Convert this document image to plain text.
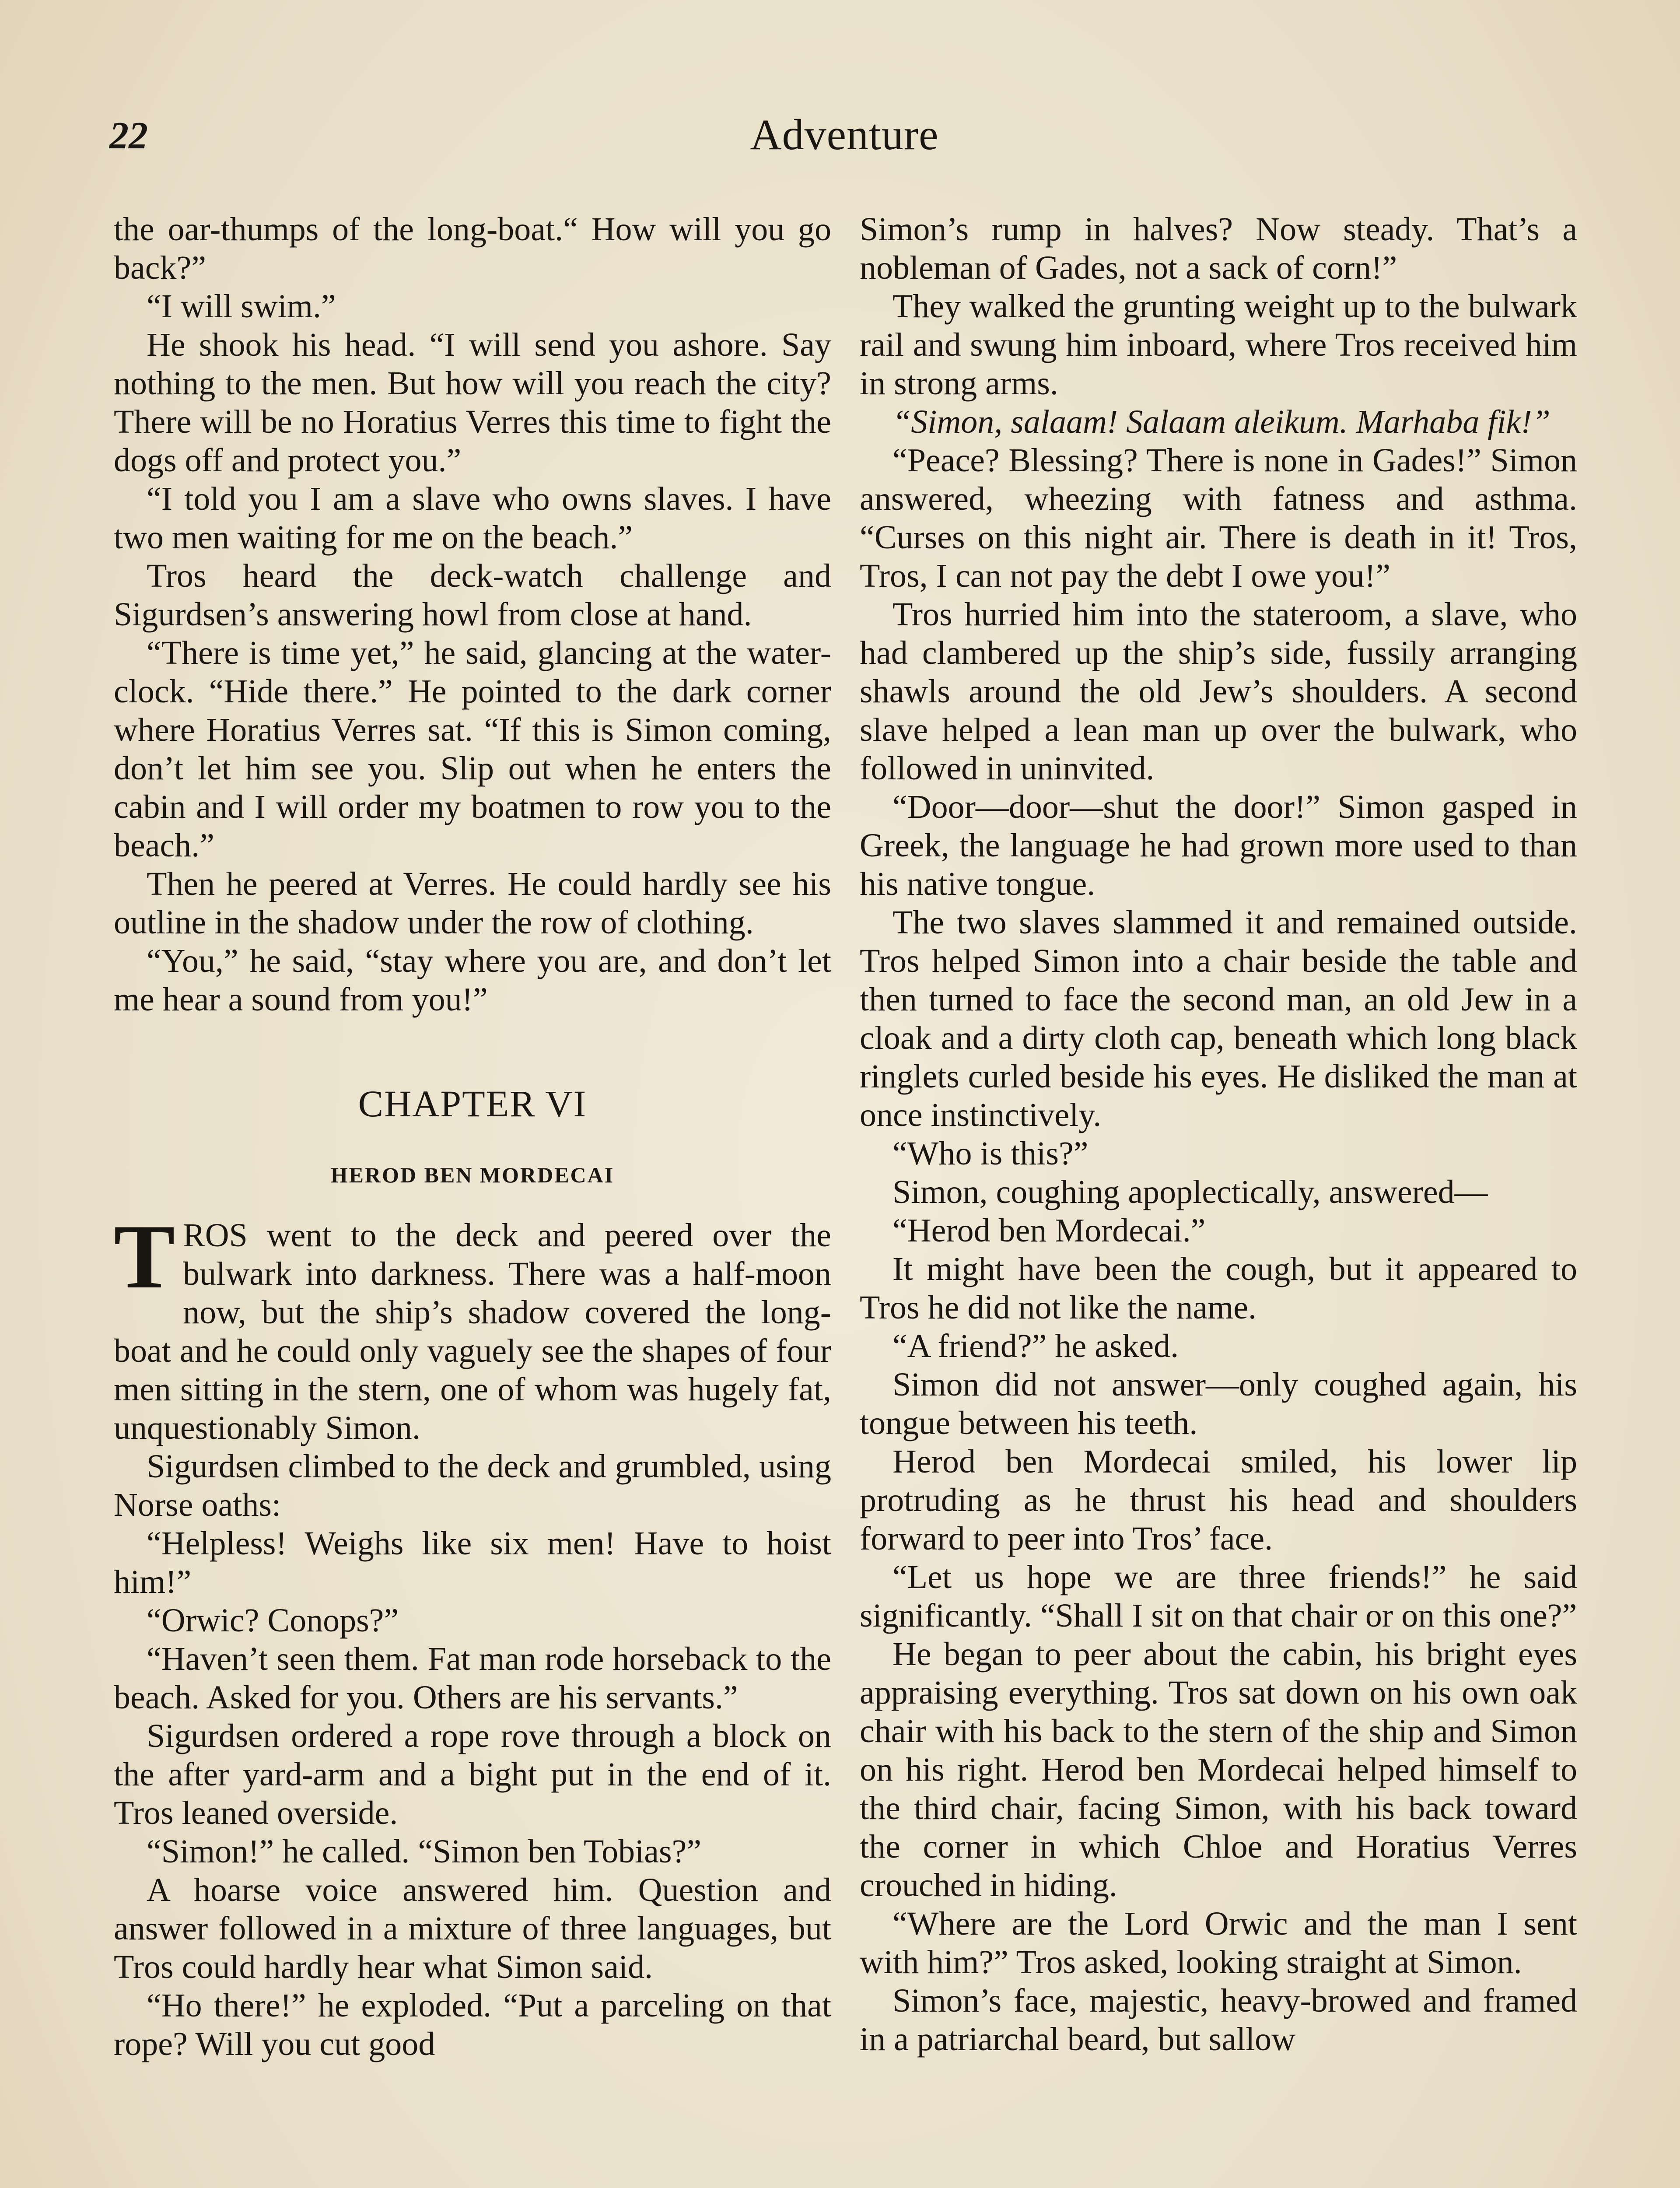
22	Adventure

the oar-thumps of the long-boat.“ How will you go back?”

“I will swim.”

He shook his head. “I will send you ashore. Say nothing to the men. But how will you reach the city? There will be no Horatius Verres this time to fight the dogs off and protect you.”

“I told you I am a slave who owns slaves. I have two men waiting for me on the beach.”

Tros heard the deck-watch challenge and Sigurdsen’s answering howl from close at hand.

“There is time yet,” he said, glancing at the water-clock. “Hide there.” He pointed to the dark corner where Horatius Verres sat. “If this is Simon coming, don’t let him see you. Slip out when he enters the cabin and I will order my boatmen to row you to the beach.”

Then he peered at Verres. He could hardly see his outline in the shadow under the row of clothing.

“You,” he said, “stay where you are, and don’t let me hear a sound from you!”

CHAPTER VI
HEROD BEN MORDECAI

TROS went to the deck and peered over the bulwark into darkness. There was a half-moon now, but the ship’s shadow covered the long-boat and he could only vaguely see the shapes of four men sitting in the stern, one of whom was hugely fat, unquestionably Simon.

Sigurdsen climbed to the deck and grumbled, using Norse oaths:

“Helpless! Weighs like six men! Have to hoist him!”

“Orwic? Conops?”

“Haven’t seen them. Fat man rode horseback to the beach. Asked for you. Others are his servants.”

Sigurdsen ordered a rope rove through a block on the after yard-arm and a bight put in the end of it. Tros leaned overside.

“Simon!” he called. “Simon ben Tobias?”

A hoarse voice answered him. Question and answer followed in a mixture of three languages, but Tros could hardly hear what Simon said.

“Ho there!” he exploded. “Put a parceling on that rope? Will you cut good

Simon’s rump in halves? Now steady. That’s a nobleman of Gades, not a sack of corn!”

They walked the grunting weight up to the bulwark rail and swung him inboard, where Tros received him in strong arms.

“Simon, salaam! Salaam aleikum. Marhaba fik!”

“Peace? Blessing? There is none in Gades!” Simon answered, wheezing with fatness and asthma. “Curses on this night air. There is death in it! Tros, Tros, I can not pay the debt I owe you!”

Tros hurried him into the stateroom, a slave, who had clambered up the ship’s side, fussily arranging shawls around the old Jew’s shoulders. A second slave helped a lean man up over the bulwark, who followed in uninvited.

“Door—door—shut the door!” Simon gasped in Greek, the language he had grown more used to than his native tongue.

The two slaves slammed it and remained outside. Tros helped Simon into a chair beside the table and then turned to face the second man, an old Jew in a cloak and a dirty cloth cap, beneath which long black ringlets curled beside his eyes. He disliked the man at once instinctively.

“Who is this?”

Simon, coughing apoplectically, answered—

“Herod ben Mordecai.”

It might have been the cough, but it appeared to Tros he did not like the name.

“A friend?” he asked.

Simon did not answer—only coughed again, his tongue between his teeth.

Herod ben Mordecai smiled, his lower lip protruding as he thrust his head and shoulders forward to peer into Tros’ face.

“Let us hope we are three friends!” he said significantly. “Shall I sit on that chair or on this one?”

He began to peer about the cabin, his bright eyes appraising everything. Tros sat down on his own oak chair with his back to the stern of the ship and Simon on his right. Herod ben Mordecai helped himself to the third chair, facing Simon, with his back toward the corner in which Chloe and Horatius Verres crouched in hiding.

“Where are the Lord Orwic and the man I sent with him?” Tros asked, looking straight at Simon.

Simon’s face, majestic, heavy-browed and framed in a patriarchal beard, but sallow
